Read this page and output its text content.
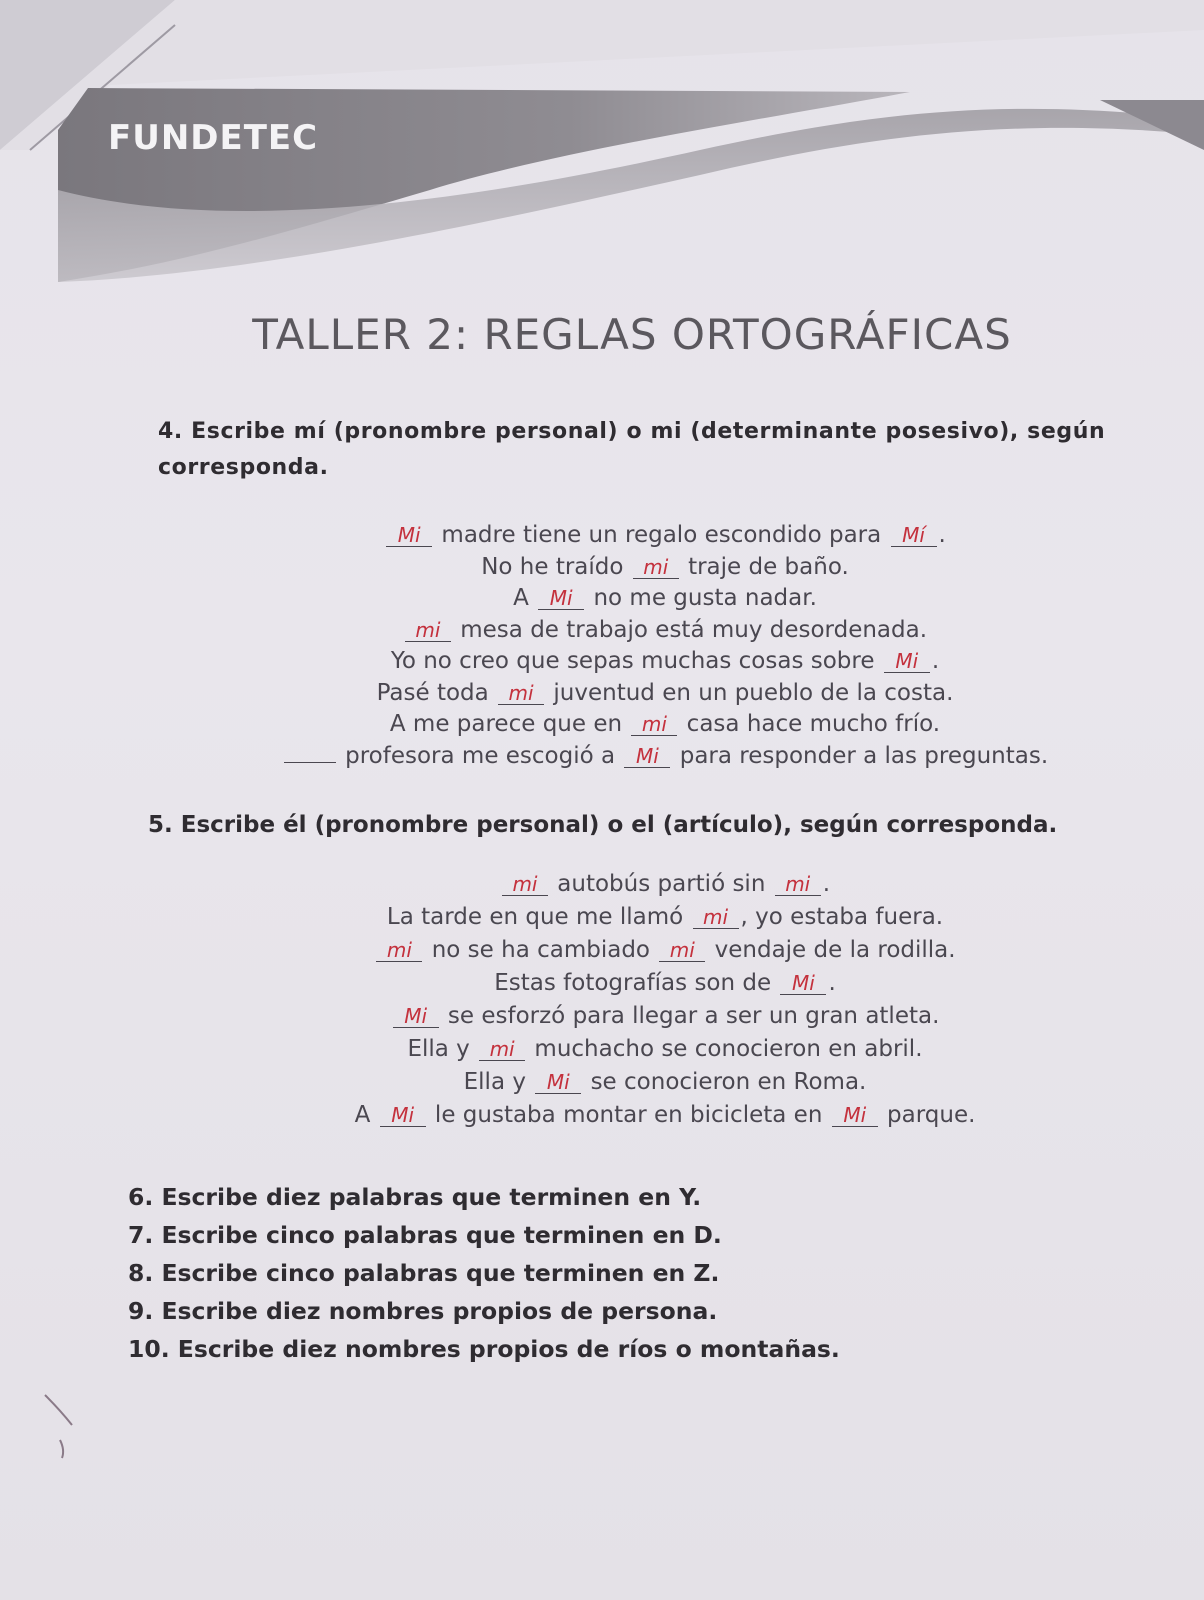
FUNDETEC
TALLER 2: REGLAS ORTOGRÁFICAS
4. Escribe mí (pronombre personal) o mi (determinante posesivo), según corresponda.
Mi madre tiene un regalo escondido para Mí .
No he traído mi traje de baño.
A Mi no me gusta nadar.
mi mesa de trabajo está muy desordenada.
Yo no creo que sepas muchas cosas sobre Mi .
Pasé toda mi juventud en un pueblo de la costa.
A me parece que en mi casa hace mucho frío.
profesora me escogió a Mi para responder a las preguntas.
5. Escribe él (pronombre personal) o el (artículo), según corresponda.
mi autobús partió sin mi .
La tarde en que me llamó mi , yo estaba fuera.
mi no se ha cambiado mi vendaje de la rodilla.
Estas fotografías son de Mi .
Mi se esforzó para llegar a ser un gran atleta.
Ella y mi muchacho se conocieron en abril.
Ella y Mi se conocieron en Roma.
A Mi le gustaba montar en bicicleta en Mi parque.
6. Escribe diez palabras que terminen en Y.
7. Escribe cinco palabras que terminen en D.
8. Escribe cinco palabras que terminen en Z.
9. Escribe diez nombres propios de persona.
10. Escribe diez nombres propios de ríos o montañas.
